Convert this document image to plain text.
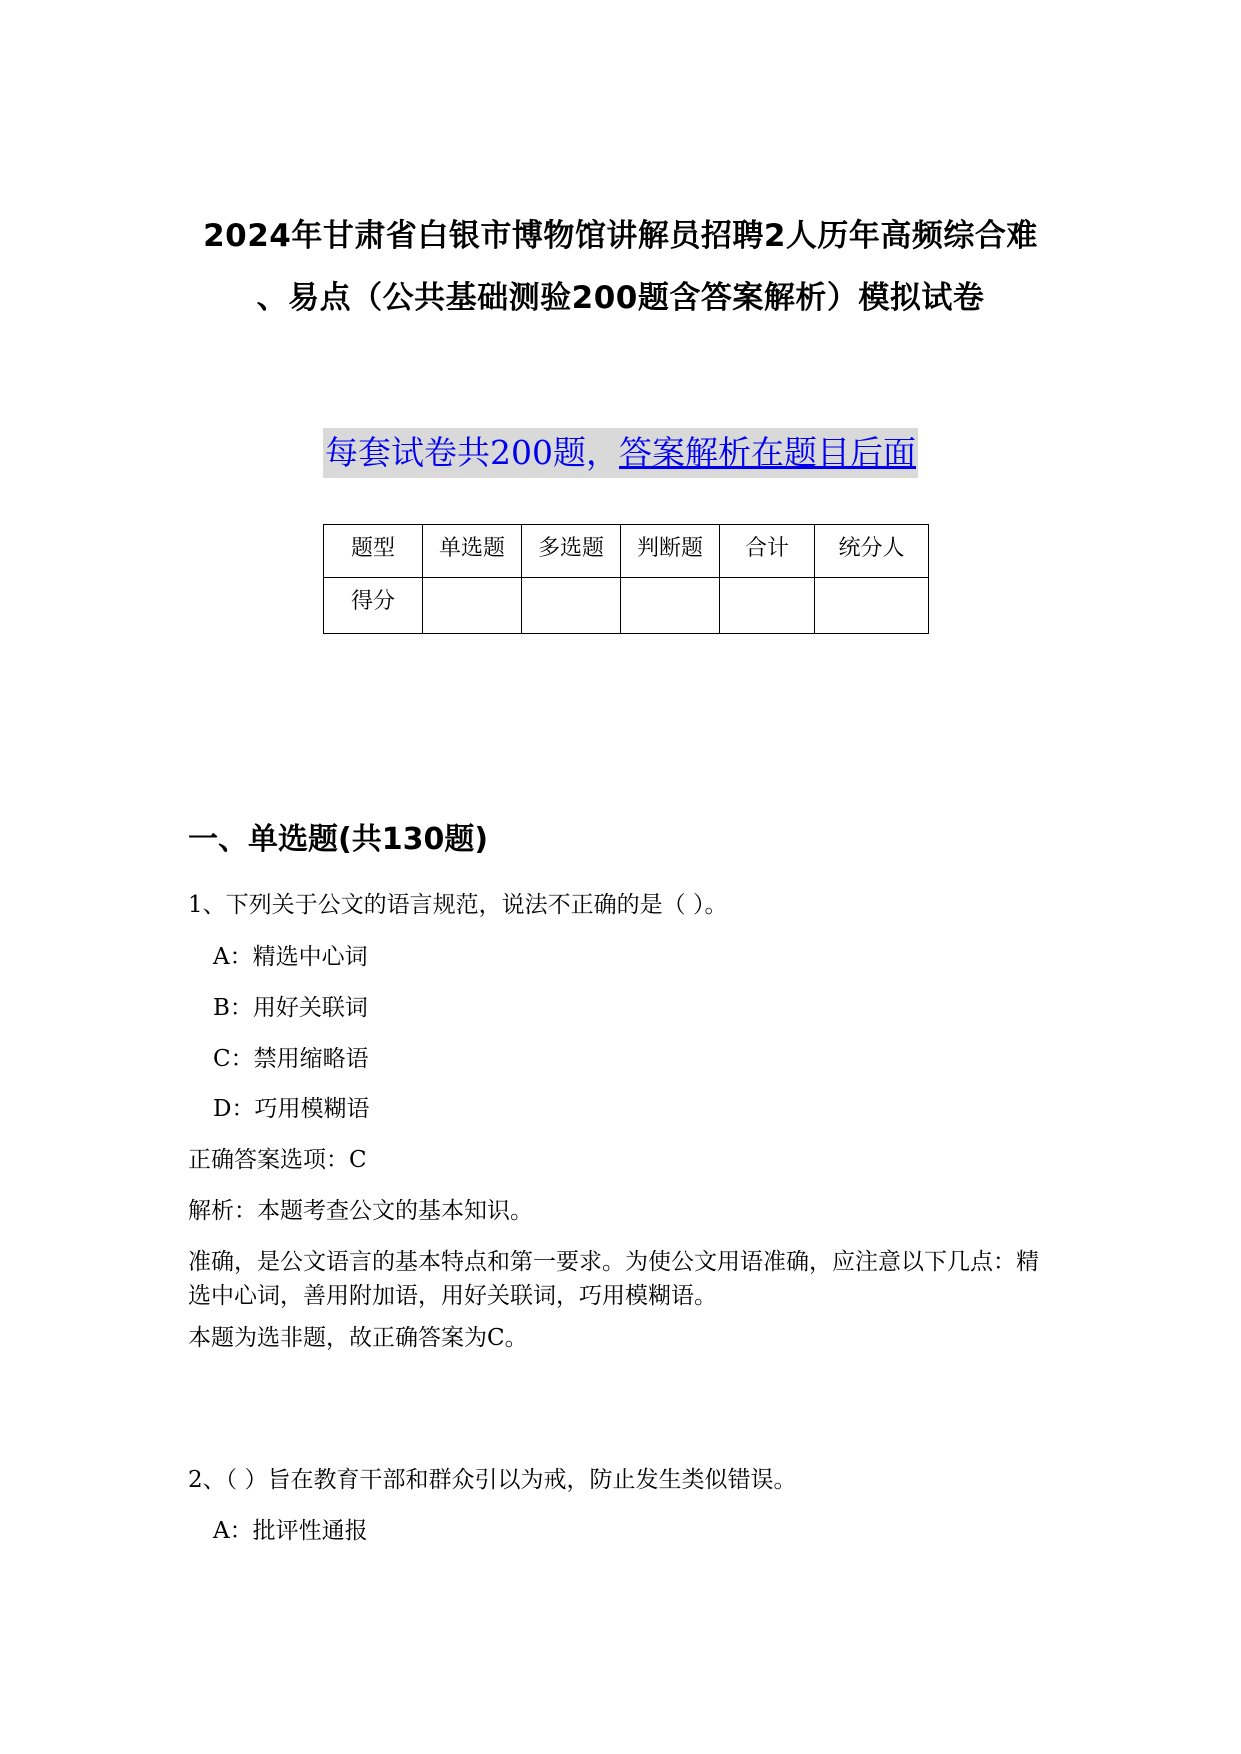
2024年甘肃省白银市博物馆讲解员招聘2人历年高频综合难
、易点（公共基础测验200题含答案解析）模拟试卷
每套试卷共200题，答案解析在题目后面
题型	单选题	多选题	判断题	合计	统分人
得分					
一、单选题(共130题)
1、下列关于公文的语言规范，说法不正确的是（ ）。
A：精选中心词
B：用好关联词
C：禁用缩略语
D：巧用模糊语
正确答案选项：C
解析：本题考查公文的基本知识。
准确，是公文语言的基本特点和第一要求。为使公文用语准确，应注意以下几点：精选中心词，善用附加语，用好关联词，巧用模糊语。
本题为选非题，故正确答案为C。
2、（ ）旨在教育干部和群众引以为戒，防止发生类似错误。
A：批评性通报
